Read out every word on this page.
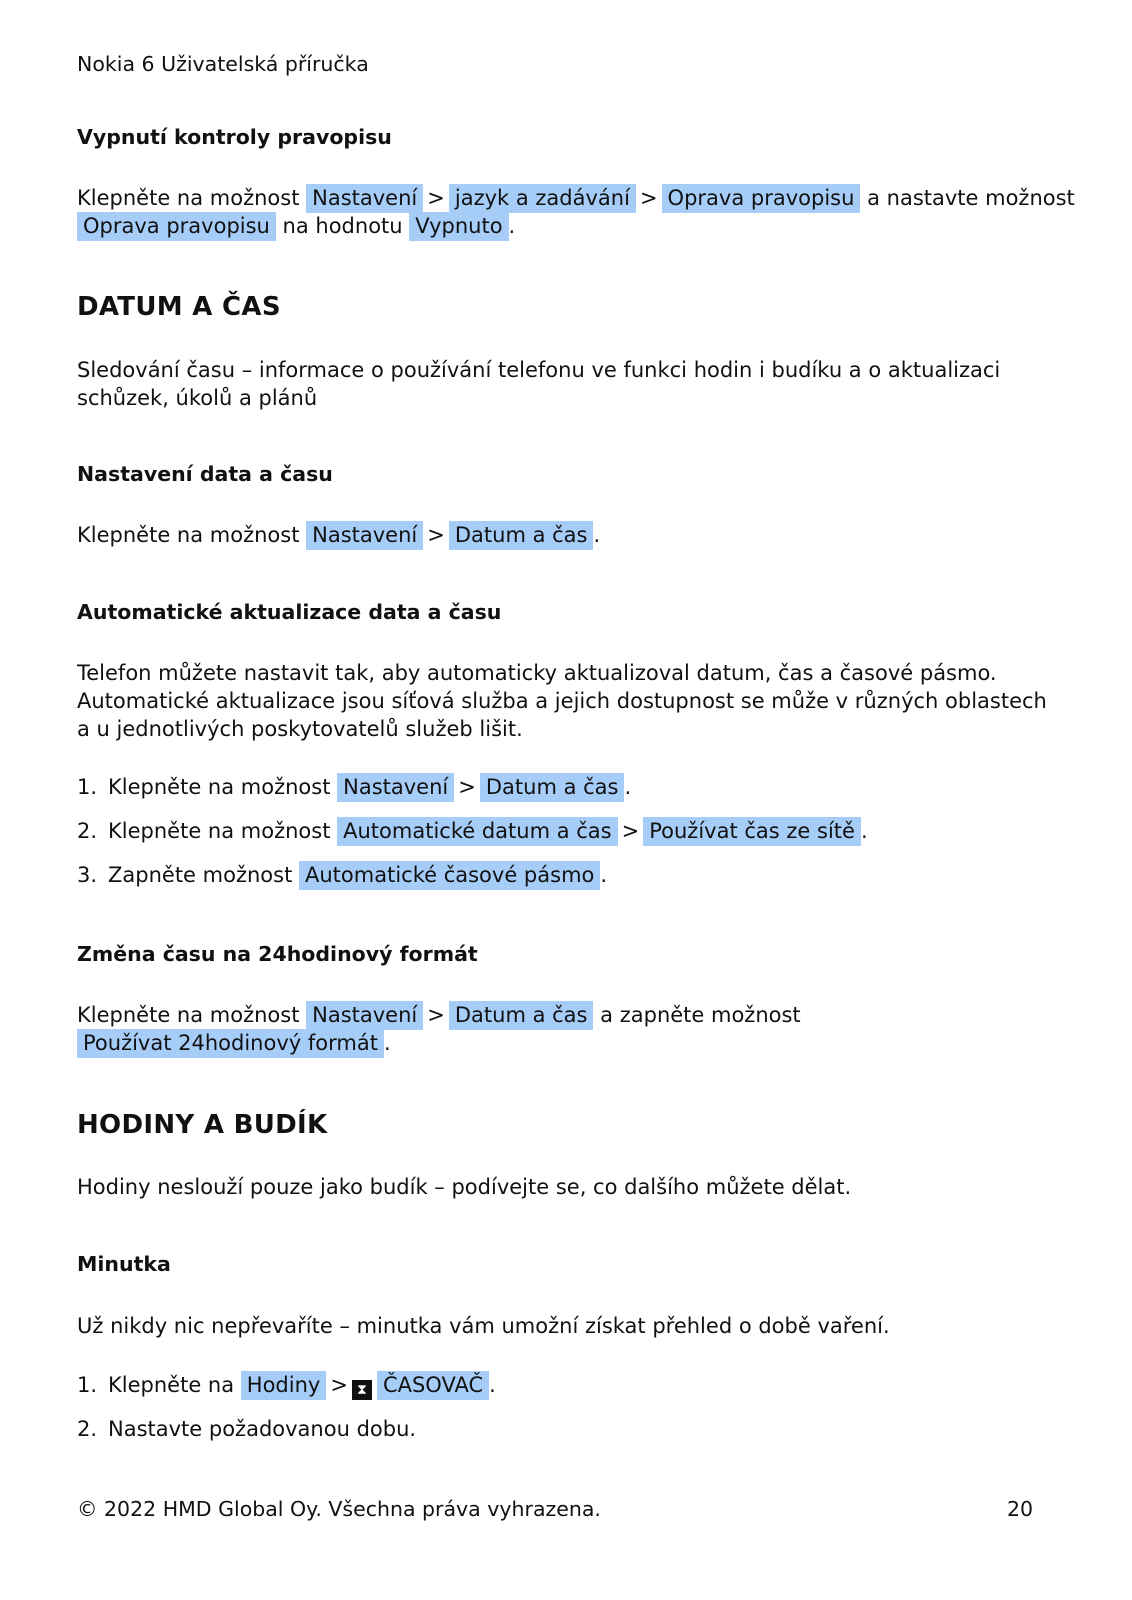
Nokia 6 Uživatelská příručka
Vypnutí kontroly pravopisu
Klepněte na možnost Nastavení > jazyk a zadávání > Oprava pravopisu a nastavte možnost
Oprava pravopisu na hodnotu Vypnuto .
DATUM A ČAS
Sledování času – informace o používání telefonu ve funkci hodin i budíku a o aktualizaci
schůzek, úkolů a plánů
Nastavení data a času
Klepněte na možnost Nastavení > Datum a čas .
Automatické aktualizace data a času
Telefon můžete nastavit tak, aby automaticky aktualizoval datum, čas a časové pásmo.
Automatické aktualizace jsou síťová služba a jejich dostupnost se může v různých oblastech
a u jednotlivých poskytovatelů služeb lišit.
1. Klepněte na možnost Nastavení > Datum a čas .
2. Klepněte na možnost Automatické datum a čas > Používat čas ze sítě .
3. Zapněte možnost Automatické časové pásmo .
Změna času na 24hodinový formát
Klepněte na možnost Nastavení > Datum a čas a zapněte možnost
Používat 24hodinový formát .
HODINY A BUDÍK
Hodiny neslouží pouze jako budík – podívejte se, co dalšího můžete dělat.
Minutka
Už nikdy nic nepřevaříte – minutka vám umožní získat přehled o době vaření.
1. Klepněte na Hodiny > ⧗ ČASOVAČ .
2. Nastavte požadovanou dobu.
© 2022 HMD Global Oy. Všechna práva vyhrazena.	20
